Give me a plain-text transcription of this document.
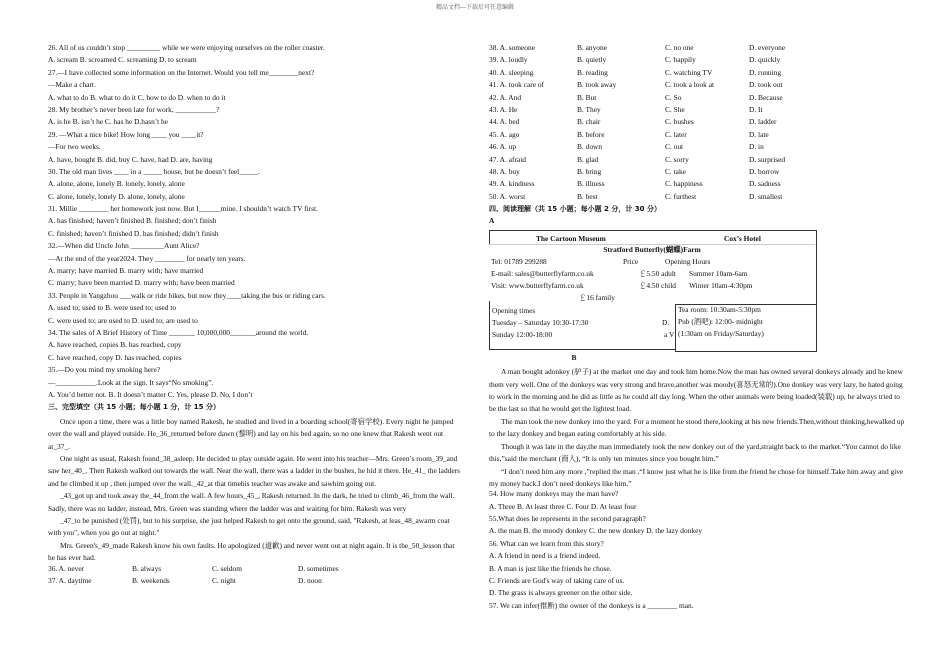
精品文档---下载后可任意编辑
26. All of us couldn’t stop _________ while we were enjoying ourselves on the roller coaster.
A. scream B. screamed C. screaming D. to scream
27.—I have collected some information on the Internet. Would you tell me________next?
—Make a chart.
A. what to do B. what to do it C. how to do D. when to do it
28. My brother’s never been late for work, ___________?
A. is he B. isn’t he C. has he D.hasn’t he
29. —What a nice bike! How long ____ you ____it?
—For two weeks.
A. have, bought B. did, buy C. have, had D. are, having
30. The old man lives ____ in a _____ house, but he doesn’t feel_____.
A. alone, alone, lonely B. lonely, lonely, alone
C. alone, lonely, lonely D. alone, lonely, alone
31. Millie ________ her homework just now. But I______mine. I shouldn’t watch TV first.
A. has finished; haven’t finished B. finished; don’t finish
C. finished; haven’t finished D. has finished; didn’t finish
32.—When did Uncle John _________Aunt Alice?
—At the end of the year2024. They ________ for nearly ten years.
A. marry; have married B. marry with; have married
C. marry; have been married D. marry with; have been married
33. People in Yangzhou ___walk or ride bikes, but now they____taking the bus or riding cars.
A. used to; used to B. were used to; used to
C. were used to; are used to D. used to; are used to
34. The sales of A Brief History of Time _______ 10,000,000_______around the world.
A. have reached, copies B. has reached, copy
C. have reached, copy D. has reached, copies
35.—Do you mind my smoking here?
—___________.Look at the sign. It says“No smoking”.
A. You’d better not. B. It doesn’t matter C. Yes, please D. No, I don’t
三、完型填空（共 15 小题；每小题 1 分，计 15 分）
Once upon a time, there was a little boy named Rakesh, he studied and lived in a boarding school(寄宿学校). Every night he jumped over the wall and played outside. He_36_returned before dawn (黎明) and lay on his bed again, so no one knew that Rakesh went out at_37_.
One night as usual, Rakesh found_38_asleep. He decided to play outside again. He went into his teacher—Mrs. Green’s room_39_and saw her_40_. Then Rakesh walked out towards the wall. Near the wall, there was a ladder in the bushes, he hid it there. He_41_ the ladders and he climbed it up , then jumped over the wall._42_at that timehis teacher was awake and sawhim going out.
_43_got up and took away the_44_from the wall. A few hours_45_, Rakesh returned. In the dark, he tried to climb_46_from the wall. Sadly, there was no ladder, instead, Mrs. Green was standing where the ladder was and waiting for him. Rakesh was very
_47_to be punished (处罚), but to his surprise, she just helped Rakesh to get onto the ground, said, "Rakesh, at leas_48_awarm coat with you", when you go out at night."
Mrs. Green's_49_made Rakesh know his own faults. He apologized (道歉) and never went out at night again. It is the_50_lesson that he has ever had.
36. A. never	B. always	C. seldom	D. sometimes
37. A. daytime	B. weekends	C. night	D. noon
38. A. someone	B. anyone	C. no one	D. everyone
39. A. loudly	B. quietly	C. happily	D. quickly
40. A. sleeping	B. reading	C. watching TV	D. running
41. A. took care of	B. took away	C. took a look at	D. took out
42. A. And	B. But	C. So	D. Because
43. A. He	B. They	C. She	D. It
44. A. bed	B. chair	C. bushes	D. ladder
45. A. ago	B. before	C. later	D. late
46. A. up	B. down	C. out	D. in
47. A. afraid	B. glad	C. sorry	D. surprised
48. A. buy	B. bring	C. take	D. borrow
49. A. kindness	B. illness	C. happiness	D. sadness
50. A. worst	B. best	C. furthest	D. smallest
四、阅读理解（共 15 小题；每小题 2 分，计 30 分）
A
The Cartoon Museum	Cox’s Hotel
Opening times
Tuesday – Saturday 10:30-17:30
Sunday 12:00-18:00
D.
a V
Tea room: 10:30am-5:30pm
Pub (酒吧): 12:00- midnight
(1:30am on Friday/Saturday)
Stratford Butterfly(蝴蝶)Farm
Tel: 01789 299288	Price	Opening Hours
E-mail: sales@butterflyfarm.co.uk	￡5.50 adult Summer 10am-6am
Visit: www.butterflyfarm.co.uk	￡4.50 child Winter 10am-4:30pm
￡16 family
B
A man bought adonkey (驴子) at the market one day and took him home.Now the man has owned several donkeys already and he knew them very well. One of the donkeys was very strong and brave,another was moody(喜怒无常的).One donkey was very lazy, he hated going to work in the morning and he did as little as he could all day long. When the other animals were being loaded(装载) up, he always tried to be the last so that he would get the lightest load.
The man took the new donkey into the yard. For a moment he stood there,looking at his new friends.Then,without thinking,hewalked up to the lazy donkey and began eating comfortably at his side.
Though it was late in the day,the man immediately took the new donkey out of the yard,straight back to the market.“You cannot do like this,”said the merchant (商人), “It is only ten minutes since you bought him.”
“I don’t need him any more ,”replied the man ,“I know just what he is like from the friend he chose for himself.Take him away and give my money back.I don’t need donkeys like him.”
54. How many donkeys may the man have?
A. Three B. At least three C. Four D. At least four
55.What does he represents in the second paragraph?
A. the man B. the moody donkey C. the new donkey D. the lazy donkey
56. What can we learn from this story?
A. A friend in need is a friend indeed.
B. A man is just like the friends he chose.
C. Friends are God's way of taking care of us.
D. The grass is always greener on the other side.
57. We can infer(推断) the owner of the donkeys is a ________ man.
